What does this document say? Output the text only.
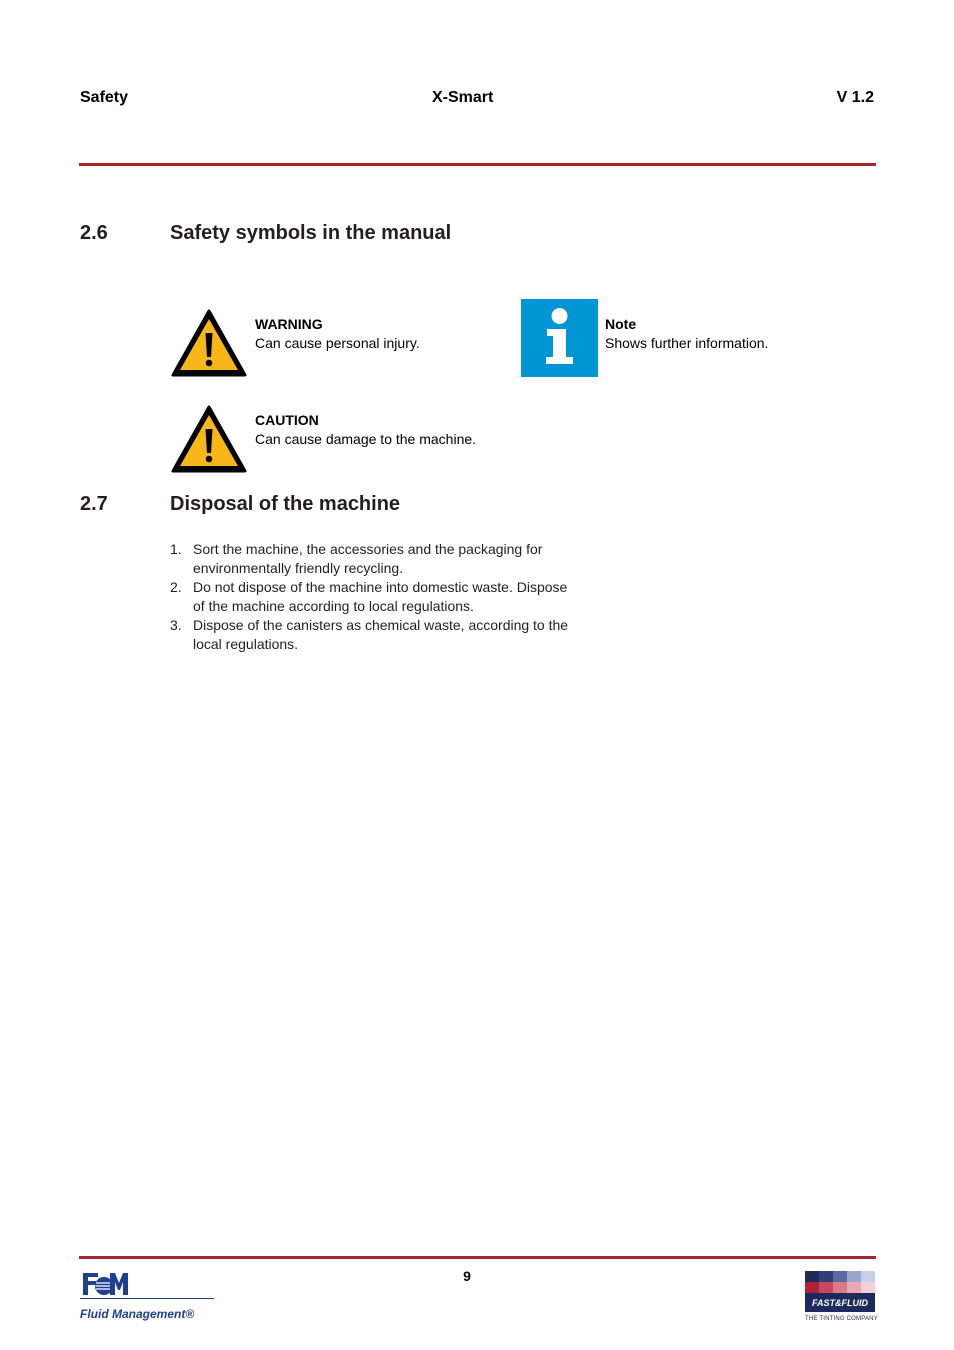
Safety	X-Smart	V 1.2
2.6	Safety symbols in the manual
WARNING
Can cause personal injury.
Note
Shows further information.
CAUTION
Can cause damage to the machine.
2.7	Disposal of the machine
1. Sort the machine, the accessories and the packaging for
environmentally friendly recycling.
2. Do not dispose of the machine into domestic waste. Dispose
of the machine according to local regulations.
3. Dispose of the canisters as chemical waste, according to the
local regulations.
9
Fluid Management®
FAST&FLUID
THE TINTING COMPANY
